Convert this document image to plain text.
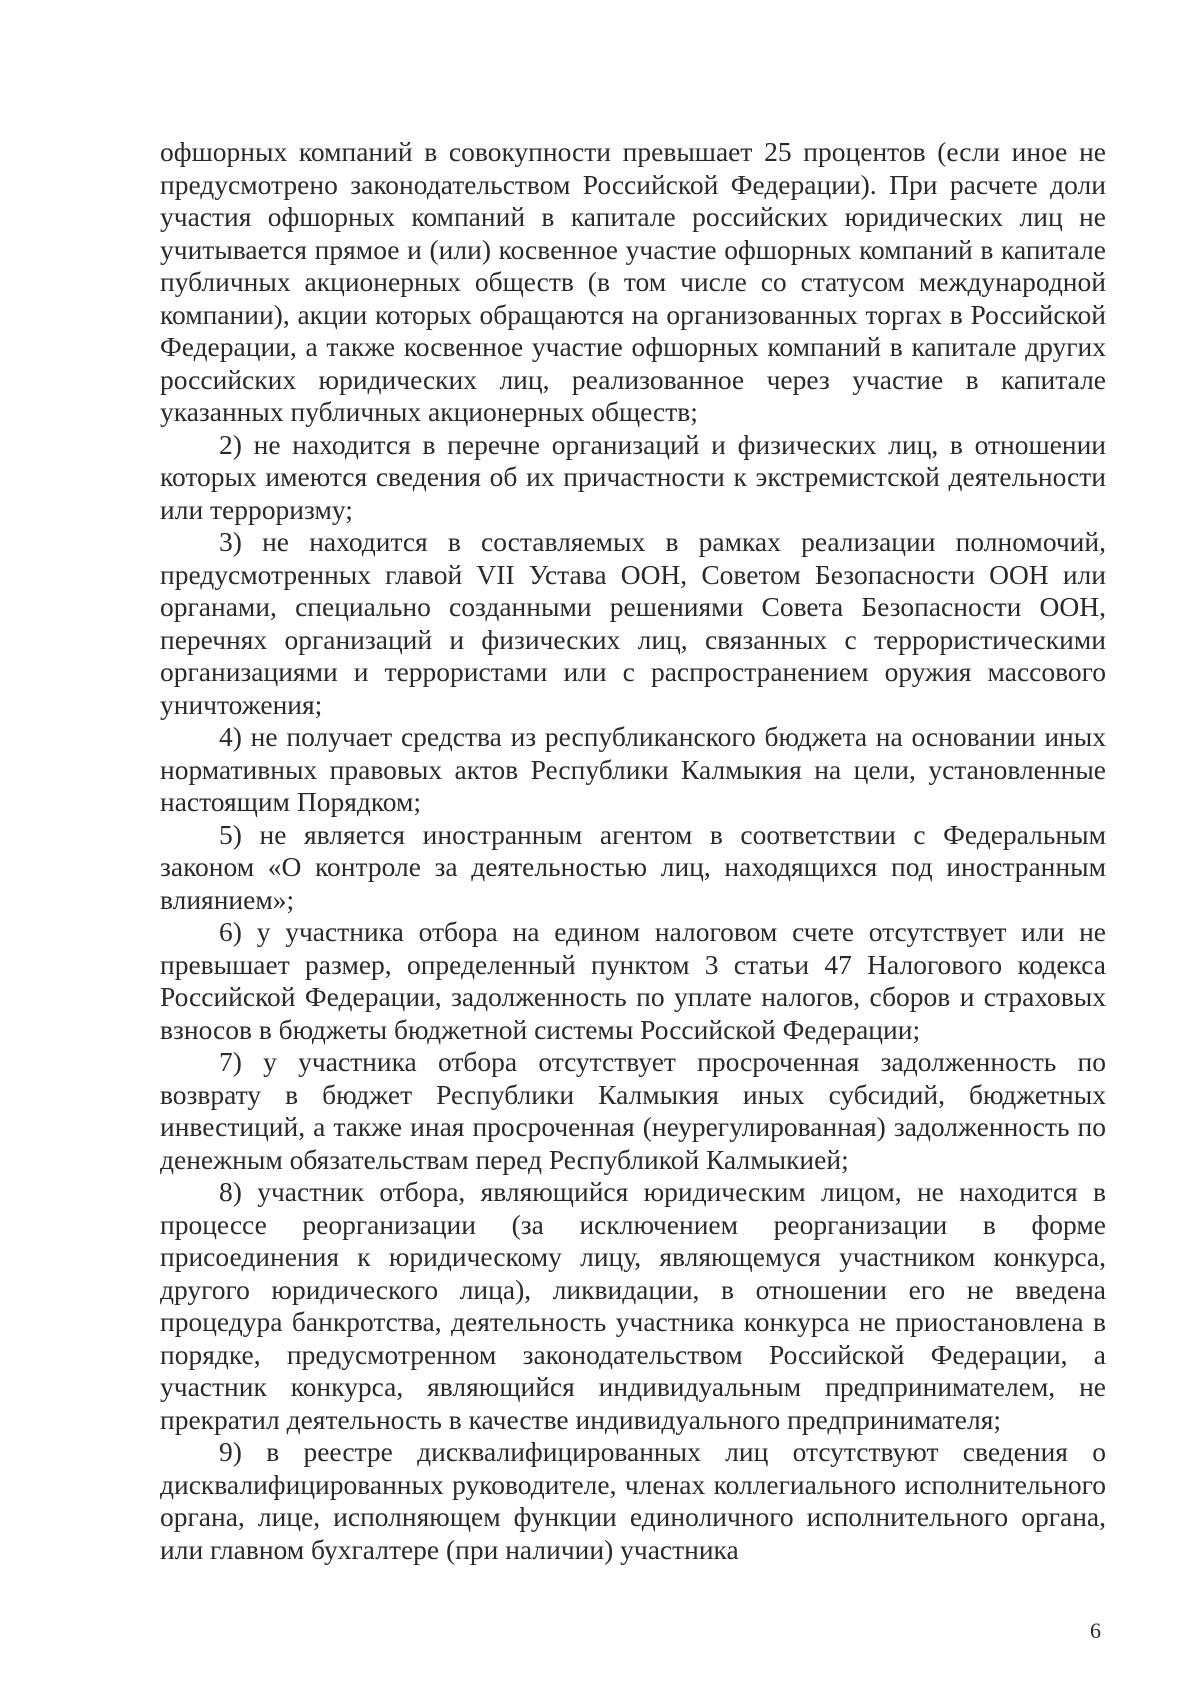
офшорных компаний в совокупности превышает 25 процентов (если иное не предусмотрено законодательством Российской Федерации). При расчете доли участия офшорных компаний в капитале российских юридических лиц не учитывается прямое и (или) косвенное участие офшорных компаний в капитале публичных акционерных обществ (в том числе со статусом международной компании), акции которых обращаются на организованных торгах в Российской Федерации, а также косвенное участие офшорных компаний в капитале других российских юридических лиц, реализованное через участие в капитале указанных публичных акционерных обществ;

2) не находится в перечне организаций и физических лиц, в отношении которых имеются сведения об их причастности к экстремистской деятельности или терроризму;

3) не находится в составляемых в рамках реализации полномочий, предусмотренных главой VII Устава ООН, Советом Безопасности ООН или органами, специально созданными решениями Совета Безопасности ООН, перечнях организаций и физических лиц, связанных с террористическими организациями и террористами или с распространением оружия массового уничтожения;

4) не получает средства из республиканского бюджета на основании иных нормативных правовых актов Республики Калмыкия на цели, установленные настоящим Порядком;

5) не является иностранным агентом в соответствии с Федеральным законом «О контроле за деятельностью лиц, находящихся под иностранным влиянием»;

6) у участника отбора на едином налоговом счете отсутствует или не превышает размер, определенный пунктом 3 статьи 47 Налогового кодекса Российской Федерации, задолженность по уплате налогов, сборов и страховых взносов в бюджеты бюджетной системы Российской Федерации;

7) у участника отбора отсутствует просроченная задолженность по возврату в бюджет Республики Калмыкия иных субсидий, бюджетных инвестиций, а также иная просроченная (неурегулированная) задолженность по денежным обязательствам перед Республикой Калмыкией;

8) участник отбора, являющийся юридическим лицом, не находится в процессе реорганизации (за исключением реорганизации в форме присоединения к юридическому лицу, являющемуся участником конкурса, другого юридического лица), ликвидации, в отношении его не введена процедура банкротства, деятельность участника конкурса не приостановлена в порядке, предусмотренном законодательством Российской Федерации, а участник конкурса, являющийся индивидуальным предпринимателем, не прекратил деятельность в качестве индивидуального предпринимателя;

9) в реестре дисквалифицированных лиц отсутствуют сведения о дисквалифицированных руководителе, членах коллегиального исполнительного органа, лице, исполняющем функции единоличного исполнительного органа, или главном бухгалтере (при наличии) участника

6
